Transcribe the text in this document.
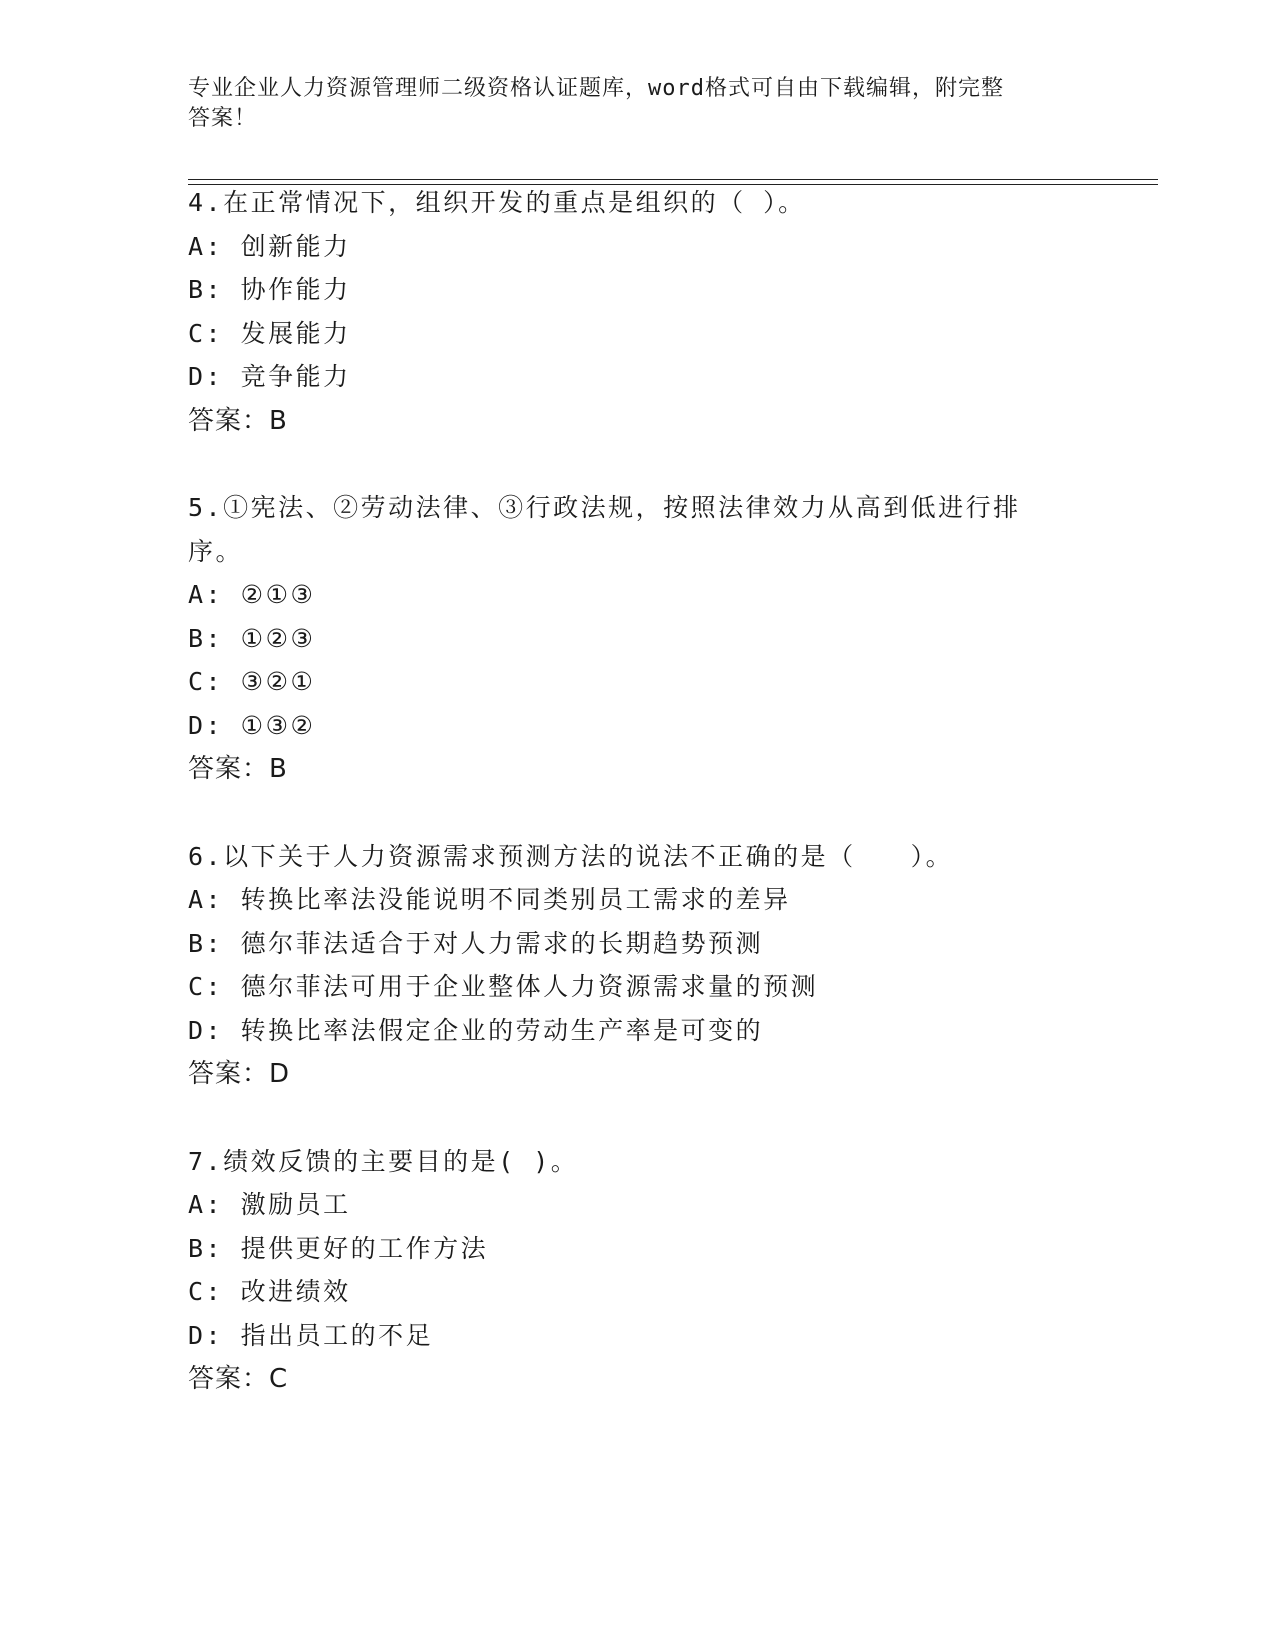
专业企业人力资源管理师二级资格认证题库，word格式可自由下载编辑，附完整
答案！
4.在正常情况下，组织开发的重点是组织的（ ）。
A: 创新能力
B: 协作能力
C: 发展能力
D: 竞争能力
答案：B
5.①宪法、②劳动法律、③行政法规，按照法律效力从高到低进行排
序。
A: ②①③
B: ①②③
C: ③②①
D: ①③②
答案：B
6.以下关于人力资源需求预测方法的说法不正确的是（　　）。
A: 转换比率法没能说明不同类别员工需求的差异
B: 德尔菲法适合于对人力需求的长期趋势预测
C: 德尔菲法可用于企业整体人力资源需求量的预测
D: 转换比率法假定企业的劳动生产率是可变的
答案：D
7.绩效反馈的主要目的是( )。
A: 激励员工
B: 提供更好的工作方法
C: 改进绩效
D: 指出员工的不足
答案：C
